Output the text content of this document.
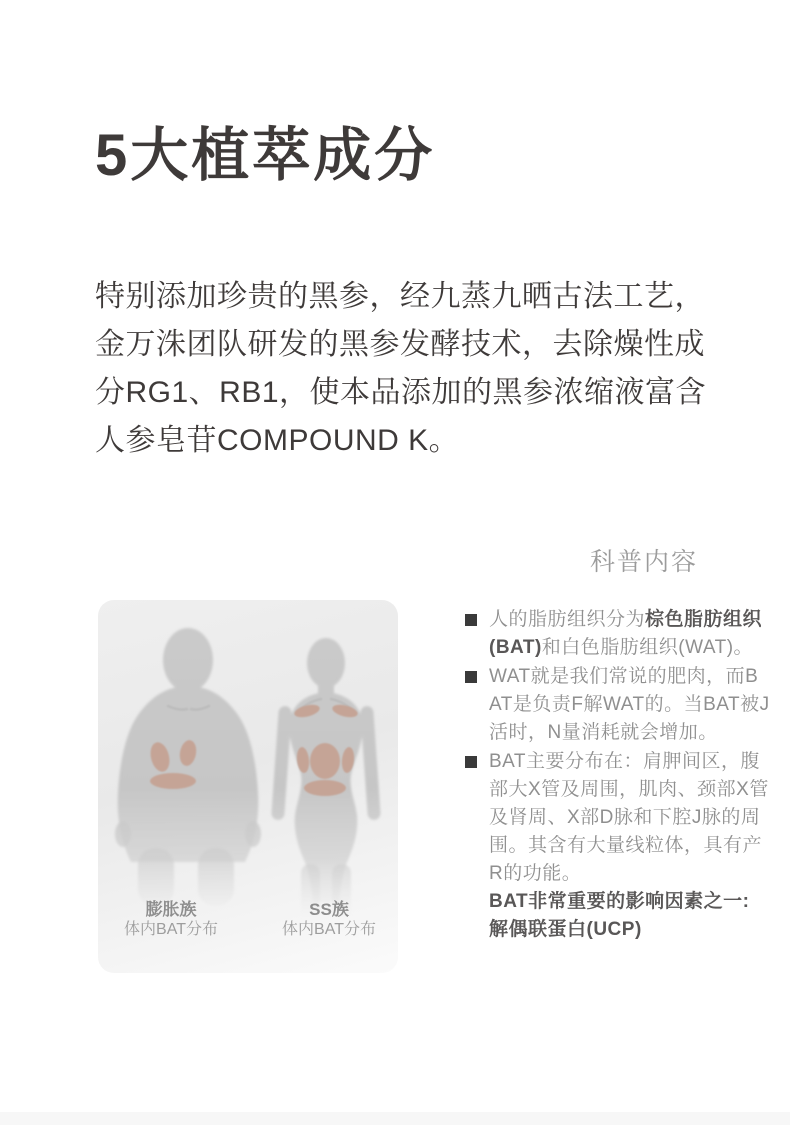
5大植萃成分

特别添加珍贵的黑参，经九蒸九晒古法工艺，金万洙团队研发的黑参发酵技术，去除燥性成分RG1、RB1，使本品添加的黑参浓缩液富含人参皂苷COMPOUND K。

科普内容
膨胀族
体内BAT分布
SS族
体内BAT分布
人的脂肪组织分为棕色脂肪组织(BAT)和白色脂肪组织(WAT)。
WAT就是我们常说的肥肉，而BAT是负责F解WAT的。当BAT被J活时，N量消耗就会增加。
BAT主要分布在：肩胛间区，腹部大X管及周围，肌肉、颈部X管及肾周、X部D脉和下腔J脉的周围。其含有大量线粒体，具有产R的功能。
BAT非常重要的影响因素之一:
解偶联蛋白(UCP)
